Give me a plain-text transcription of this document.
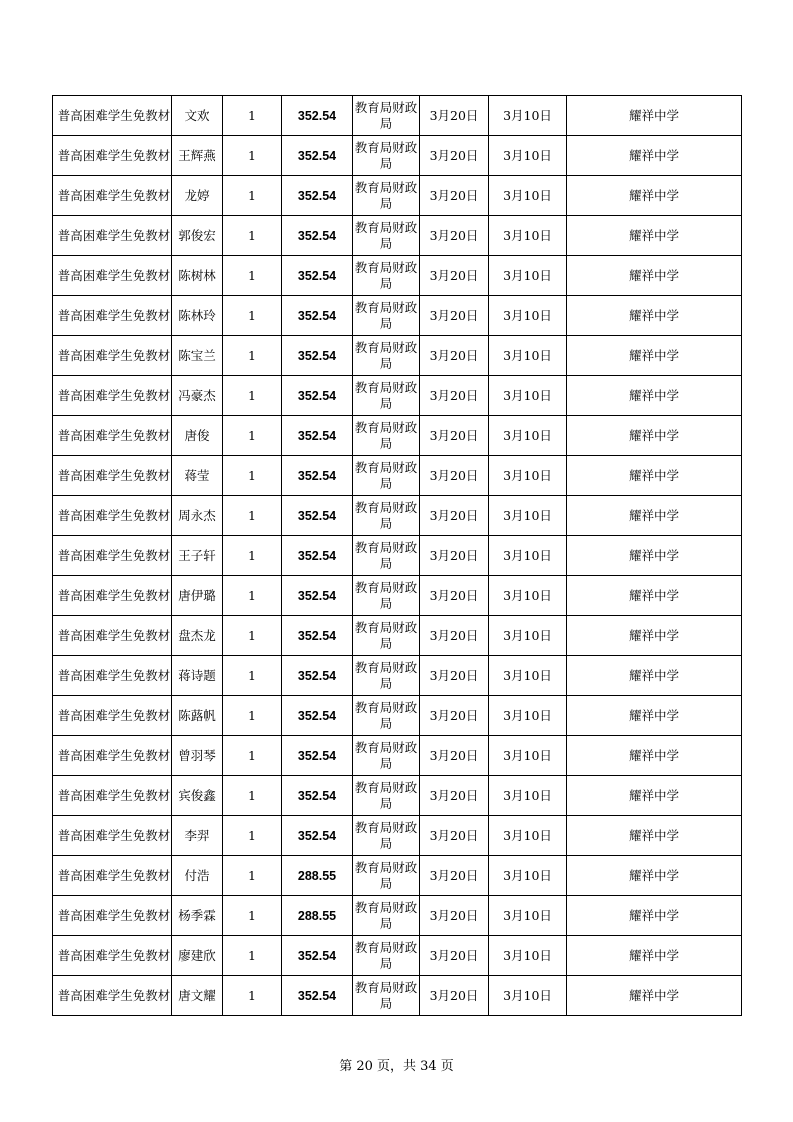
普高困难学生免教材	文欢	1	352.54	教育局财政局	3月20日	3月10日	耀祥中学
普高困难学生免教材	王辉燕	1	352.54	教育局财政局	3月20日	3月10日	耀祥中学
普高困难学生免教材	龙婷	1	352.54	教育局财政局	3月20日	3月10日	耀祥中学
普高困难学生免教材	郭俊宏	1	352.54	教育局财政局	3月20日	3月10日	耀祥中学
普高困难学生免教材	陈树林	1	352.54	教育局财政局	3月20日	3月10日	耀祥中学
普高困难学生免教材	陈林玲	1	352.54	教育局财政局	3月20日	3月10日	耀祥中学
普高困难学生免教材	陈宝兰	1	352.54	教育局财政局	3月20日	3月10日	耀祥中学
普高困难学生免教材	冯豪杰	1	352.54	教育局财政局	3月20日	3月10日	耀祥中学
普高困难学生免教材	唐俊	1	352.54	教育局财政局	3月20日	3月10日	耀祥中学
普高困难学生免教材	蒋莹	1	352.54	教育局财政局	3月20日	3月10日	耀祥中学
普高困难学生免教材	周永杰	1	352.54	教育局财政局	3月20日	3月10日	耀祥中学
普高困难学生免教材	王子轩	1	352.54	教育局财政局	3月20日	3月10日	耀祥中学
普高困难学生免教材	唐伊璐	1	352.54	教育局财政局	3月20日	3月10日	耀祥中学
普高困难学生免教材	盘杰龙	1	352.54	教育局财政局	3月20日	3月10日	耀祥中学
普高困难学生免教材	蒋诗题	1	352.54	教育局财政局	3月20日	3月10日	耀祥中学
普高困难学生免教材	陈蕗帆	1	352.54	教育局财政局	3月20日	3月10日	耀祥中学
普高困难学生免教材	曾羽琴	1	352.54	教育局财政局	3月20日	3月10日	耀祥中学
普高困难学生免教材	宾俊鑫	1	352.54	教育局财政局	3月20日	3月10日	耀祥中学
普高困难学生免教材	李羿	1	352.54	教育局财政局	3月20日	3月10日	耀祥中学
普高困难学生免教材	付浩	1	288.55	教育局财政局	3月20日	3月10日	耀祥中学
普高困难学生免教材	杨季霖	1	288.55	教育局财政局	3月20日	3月10日	耀祥中学
普高困难学生免教材	廖建欣	1	352.54	教育局财政局	3月20日	3月10日	耀祥中学
普高困难学生免教材	唐文耀	1	352.54	教育局财政局	3月20日	3月10日	耀祥中学
第 20 页，共 34 页
